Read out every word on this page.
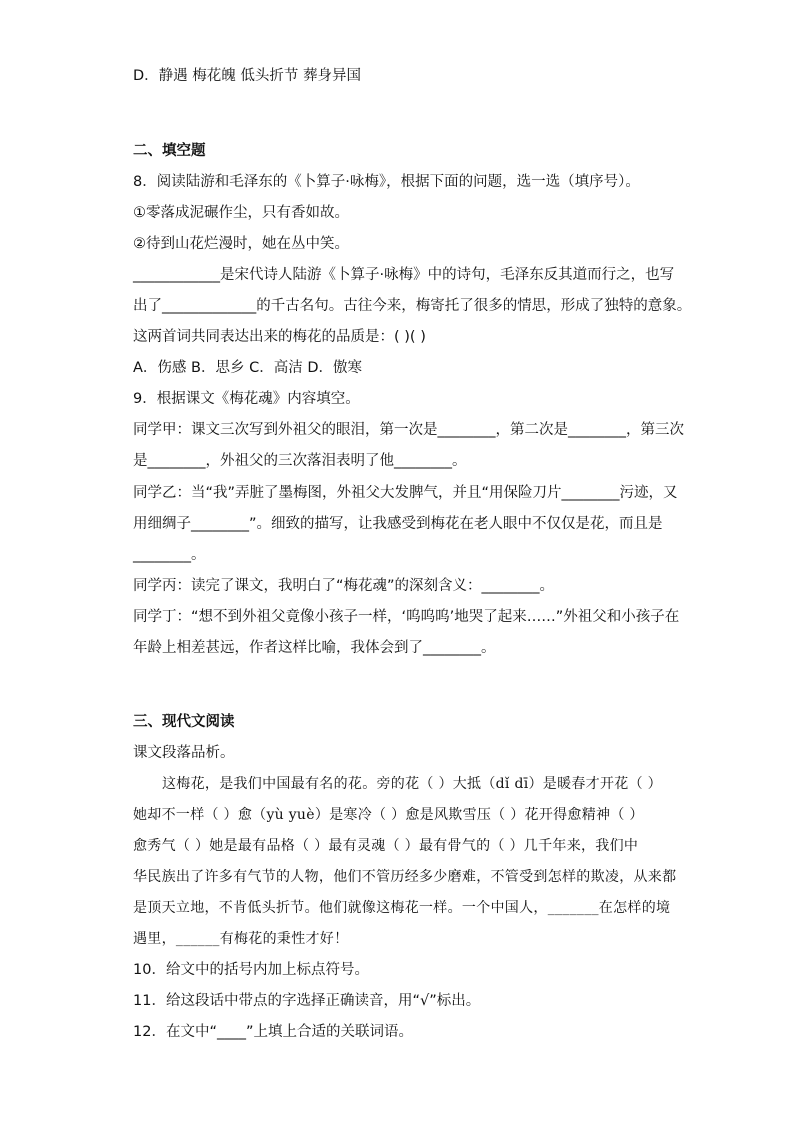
D．静遇 梅花魄 低头折节 葬身异国
二、填空题
8．阅读陆游和毛泽东的《卜算子·咏梅》，根据下面的问题，选一选（填序号）。
①零落成泥碾作尘，只有香如故。
②待到山花烂漫时，她在丛中笑。
____________是宋代诗人陆游《卜算子·咏梅》中的诗句，毛泽东反其道而行之，也写
出了_____________的千古名句。古往今来，梅寄托了很多的情思，形成了独特的意象。
这两首词共同表达出来的梅花的品质是：( )( )
A．伤感 B．思乡 C．高洁 D．傲寒
9．根据课文《梅花魂》内容填空。
同学甲：课文三次写到外祖父的眼泪，第一次是________，第二次是________，第三次
是________，外祖父的三次落泪表明了他________。
同学乙：当“我”弄脏了墨梅图，外祖父大发脾气，并且“用保险刀片________污迹，又
用细绸子________”。细致的描写，让我感受到梅花在老人眼中不仅仅是花，而且是
________。
同学丙：读完了课文，我明白了“梅花魂”的深刻含义：________。
同学丁：“想不到外祖父竟像小孩子一样，‘呜呜呜’地哭了起来……”外祖父和小孩子在
年龄上相差甚远，作者这样比喻，我体会到了________。
三、现代文阅读
课文段落品析。
这梅花，是我们中国最有名的花。旁的花（ ）大抵（dǐ dī）是暖春才开花（ ）
她却不一样（ ）愈（yù yuè）是寒冷（ ）愈是风欺雪压（ ）花开得愈精神（ ）
愈秀气（ ）她是最有品格（ ）最有灵魂（ ）最有骨气的（ ）几千年来，我们中
华民族出了许多有气节的人物，他们不管历经多少磨难，不管受到怎样的欺凌，从来都
是顶天立地，不肯低头折节。他们就像这梅花一样。一个中国人，_______在怎样的境
遇里，______有梅花的秉性才好！
10．给文中的括号内加上标点符号。
11．给这段话中带点的字选择正确读音，用“√”标出。
12．在文中“____”上填上合适的关联词语。
